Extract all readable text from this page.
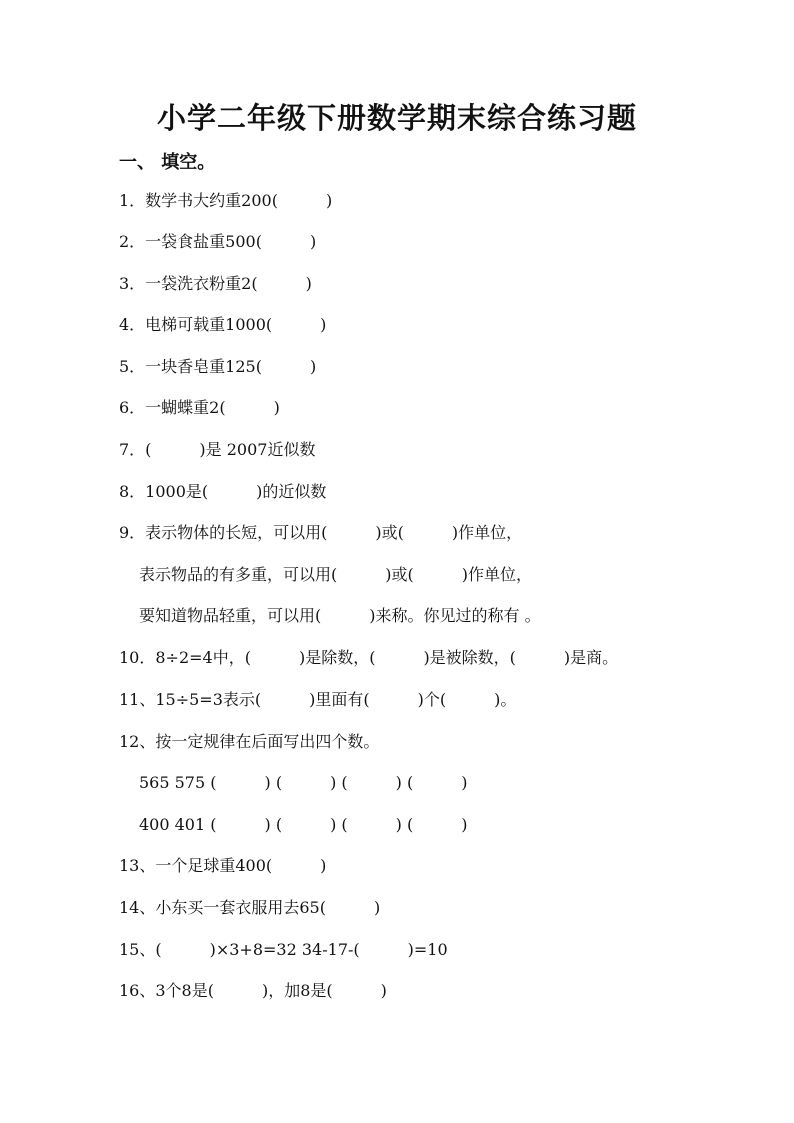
小学二年级下册数学期末综合练习题
一、 填空。
1．数学书大约重200(　　　)
2．一袋食盐重500(　　　)
3．一袋洗衣粉重2(　　　)
4．电梯可载重1000(　　　)
5．一块香皂重125(　　　)
6．一蝴蝶重2(　　　)
7．(　　　)是 2007近似数
8．1000是(　　　)的近似数
9．表示物体的长短，可以用(　　　)或(　　　)作单位，
表示物品的有多重，可以用(　　　)或(　　　)作单位，
要知道物品轻重，可以用(　　　)来称。你见过的称有 。
10．8÷2=4中，(　　　)是除数，(　　　)是被除数，(　　　)是商。
11、15÷5=3表示(　　　)里面有(　　　)个(　　　)。
12、按一定规律在后面写出四个数。
565 575 (　　　) (　　　) (　　　) (　　　)
400 401 (　　　) (　　　) (　　　) (　　　)
13、一个足球重400(　　　)
14、小东买一套衣服用去65(　　　)
15、(　　　)×3+8=32 34-17-(　　　)=10
16、3个8是(　　　)，加8是(　　　)
